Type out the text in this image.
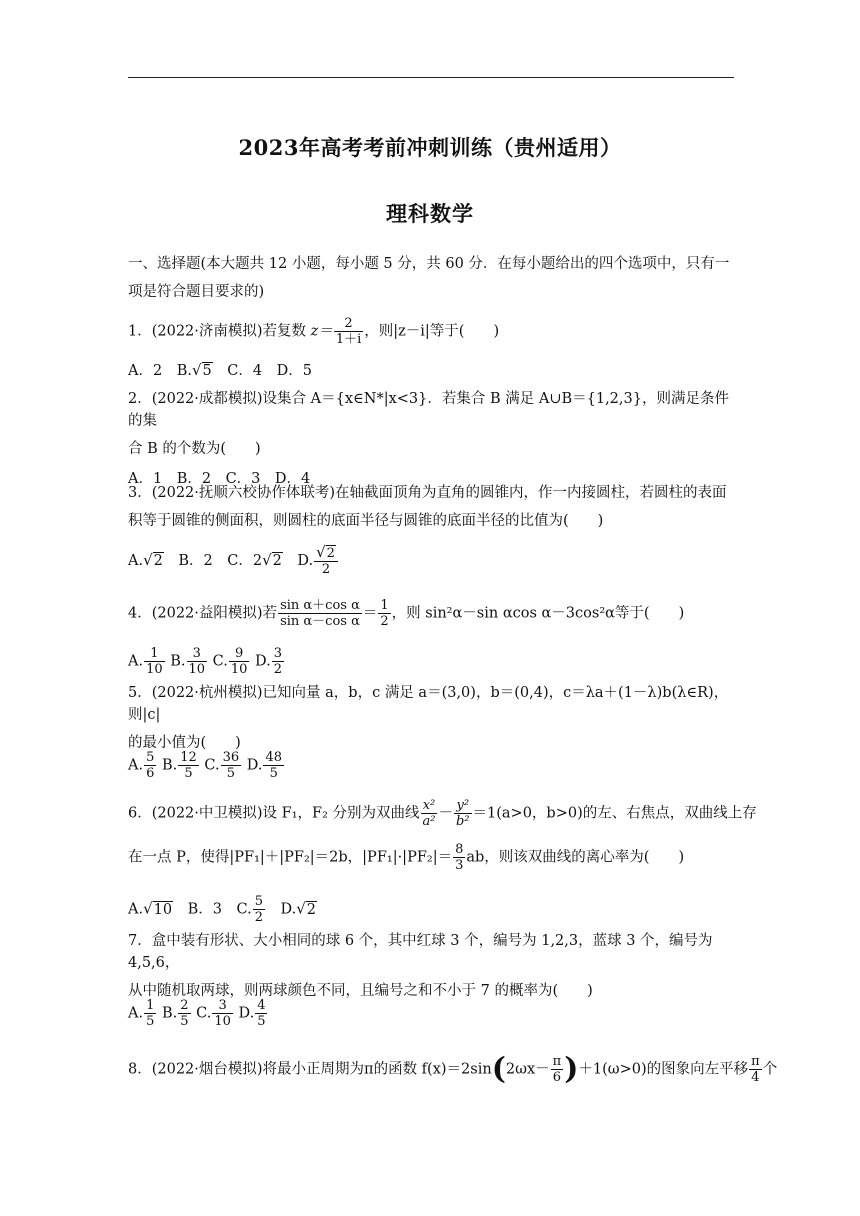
2023年高考考前冲刺训练（贵州适用）
理科数学
一、选择题(本大题共 12 小题，每小题 5 分，共 60 分．在每小题给出的四个选项中，只有一
项是符合题目要求的)
1．(2022·济南模拟)若复数 $z= \frac{2}{1+i}$ ，则|z－i|等于(　　)
A．2　B.√5　C．4　D．5
2．(2022·成都模拟)设集合 A＝{x∈N*|x<3}．若集合 B 满足 A∪B＝{1,2,3}，则满足条件的集
合 B 的个数为(　　)
A．1　B．2　C．3　D．4
3．(2022·抚顺六校协作体联考)在轴截面顶角为直角的圆锥内，作一内接圆柱，若圆柱的表面
积等于圆锥的侧面积，则圆柱的底面半径与圆锥的底面半径的比值为(　　)
A.√2　B．2　C．2√2　D. $\frac{√2}{2}$
4．(2022·益阳模拟)若 $\frac{\text{sin α＋cos α}}{\text{sin α－cos α}} = \frac{1}{2}$ ，则 sin²α－sin αcos α－3cos²α等于(　　)
A. $\frac{1}{10} B$. $\frac{3}{10} C$. $\frac{9}{10} D$. $\frac{3}{2}$
5．(2022·杭州模拟)已知向量 a，b，c 满足 a＝(3,0)，b＝(0,4)，c＝λa＋(1－λ)b(λ∈R)，则|c|
的最小值为(　　)
A. $\frac{5}{6} B$. $\frac{12}{5} C$. $\frac{36}{5} D$. $\frac{48}{5}$
6．(2022·中卫模拟)设 F₁，F₂ 分别为双曲线 $\frac{\text{x²}}{\text{a²}} - \frac{\text{y²}}{\text{b²}} =1(a>0$，b>0)的左、右焦点，双曲线上存
在一点 P，使得|PF₁|＋|PF₂|＝2b，$|PF_1|\cdot|PF_2|= \frac{8}{3}$ ab，则该双曲线的离心率为(　　)
A.√10　B．3　C. $\frac{5}{2}$ 　D.√2
7．盒中装有形状、大小相同的球 6 个，其中红球 3 个，编号为 1,2,3，蓝球 3 个，编号为 4,5,6，
从中随机取两球，则两球颜色不同，且编号之和不小于 7 的概率为(　　)
A. $\frac{1}{5} B$. $\frac{2}{5} C$. $\frac{3}{10} D$. $\frac{4}{5}$
8．(2022·烟台模拟)将最小正周期为π的函数 $f(x)=2\sin(2\omega x- \frac{\pi}{6} )+1(\omega>0)$的图象向左平移 $\frac{\pi}{4}$ 个
